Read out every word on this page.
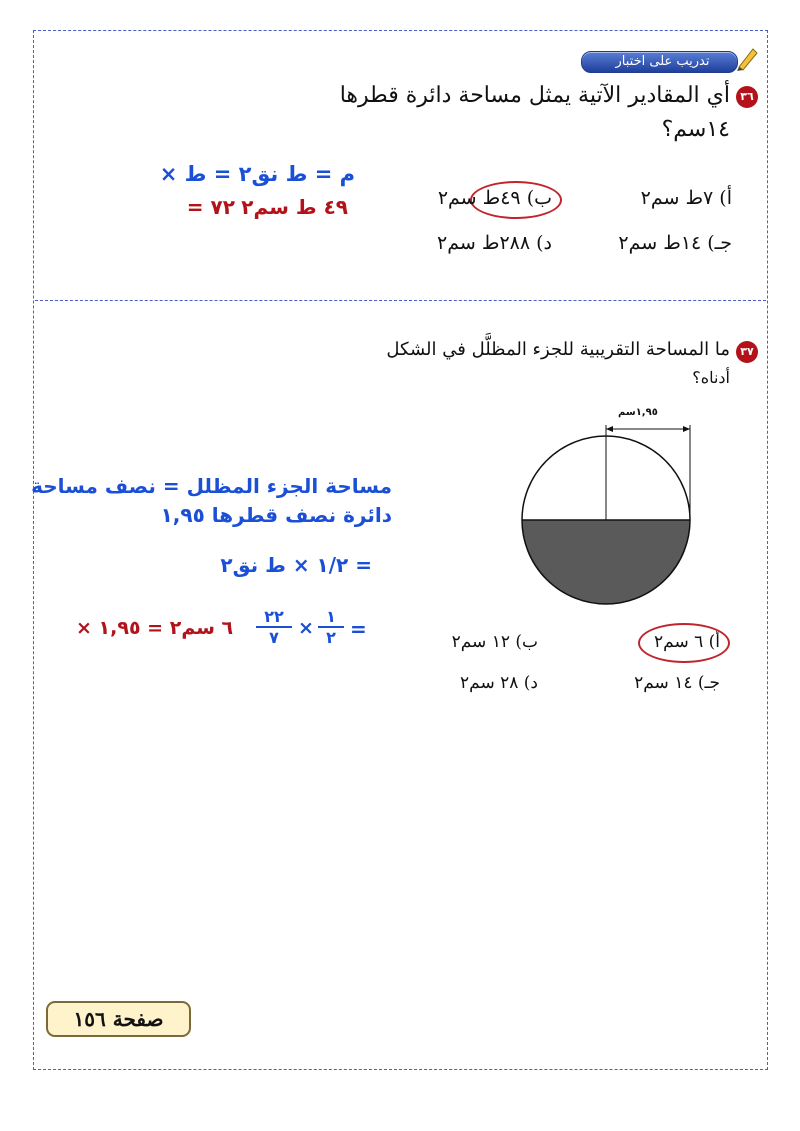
تدريب على اختبار
٣٦
أي المقادير الآتية يمثل مساحة دائرة قطرها
١٤سم؟
م = ط نق٢ = ط ×
٤٩ ط سم٢ ٧٢ =	أ) ٧ط سم٢
ب) ٤٩ط سم٢
جـ) ١٤ط سم٢
د) ٢٨٨ط سم٢
٣٧
ما المساحة التقريبية للجزء المظلَّل في الشكل
أدناه؟
١,٩٥سم
مساحة الجزء المظلل = نصف مساحة
دائرة نصف قطرها ١,٩٥
= ١/٢ × ط نق٢
٦ سم٢ = ١,٩٥ ×
٢٢
٧	×
١
٢ =
أ) ٦ سم٢
ب) ١٢ سم٢
جـ) ١٤ سم٢
د) ٢٨ سم٢
صفحة ١٥٦
